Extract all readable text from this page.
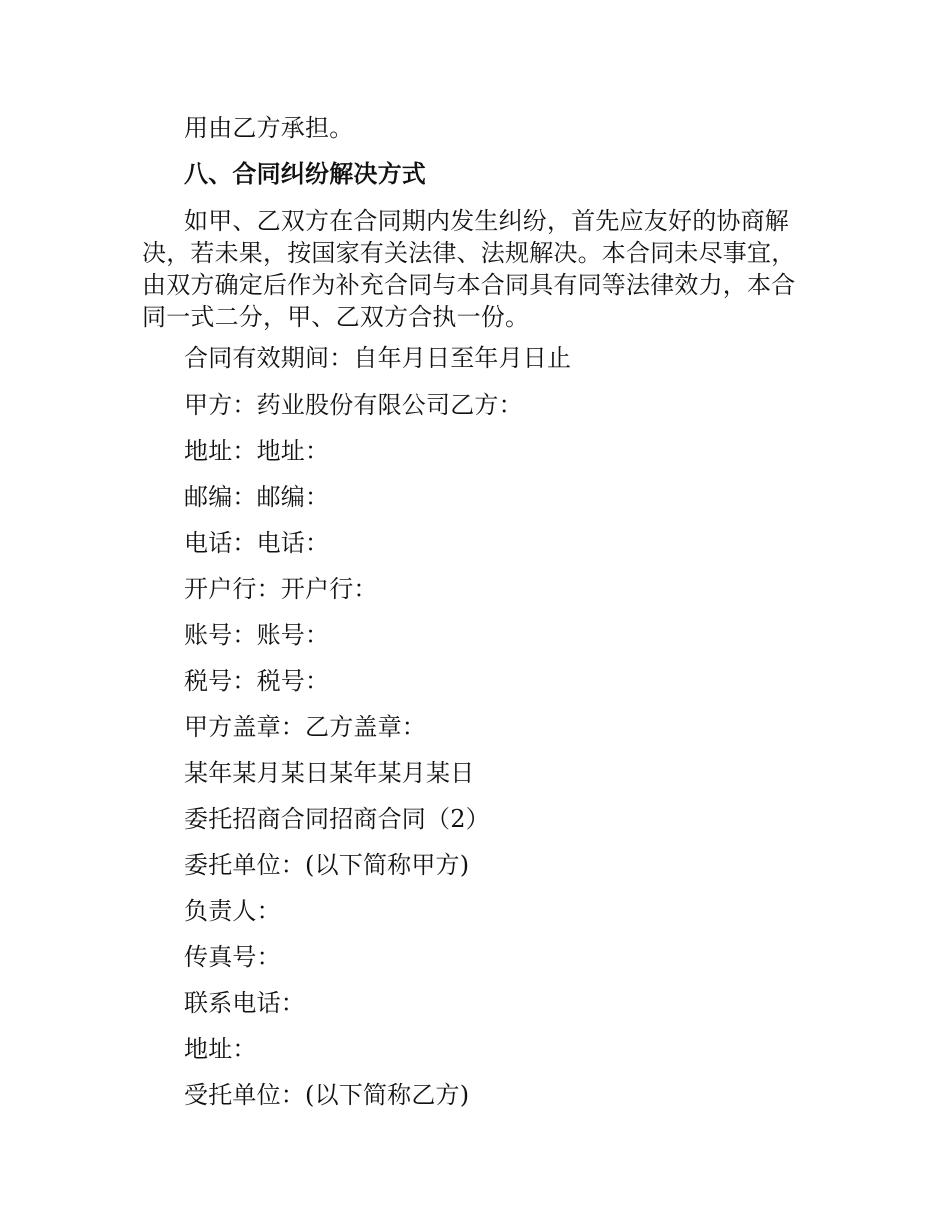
用由乙方承担。
八、合同纠纷解决方式
如甲、乙双方在合同期内发生纠纷，首先应友好的协商解
决，若未果，按国家有关法律、法规解决。本合同未尽事宜，
由双方确定后作为补充合同与本合同具有同等法律效力，本合
同一式二分，甲、乙双方合执一份。
合同有效期间：自年月日至年月日止
甲方：药业股份有限公司乙方：
地址：地址：
邮编：邮编：
电话：电话：
开户行：开户行：
账号：账号：
税号：税号：
甲方盖章：乙方盖章：
某年某月某日某年某月某日
委托招商合同招商合同（2）
委托单位：(以下简称甲方)
负责人：
传真号：
联系电话：
地址：
受托单位：(以下简称乙方)
